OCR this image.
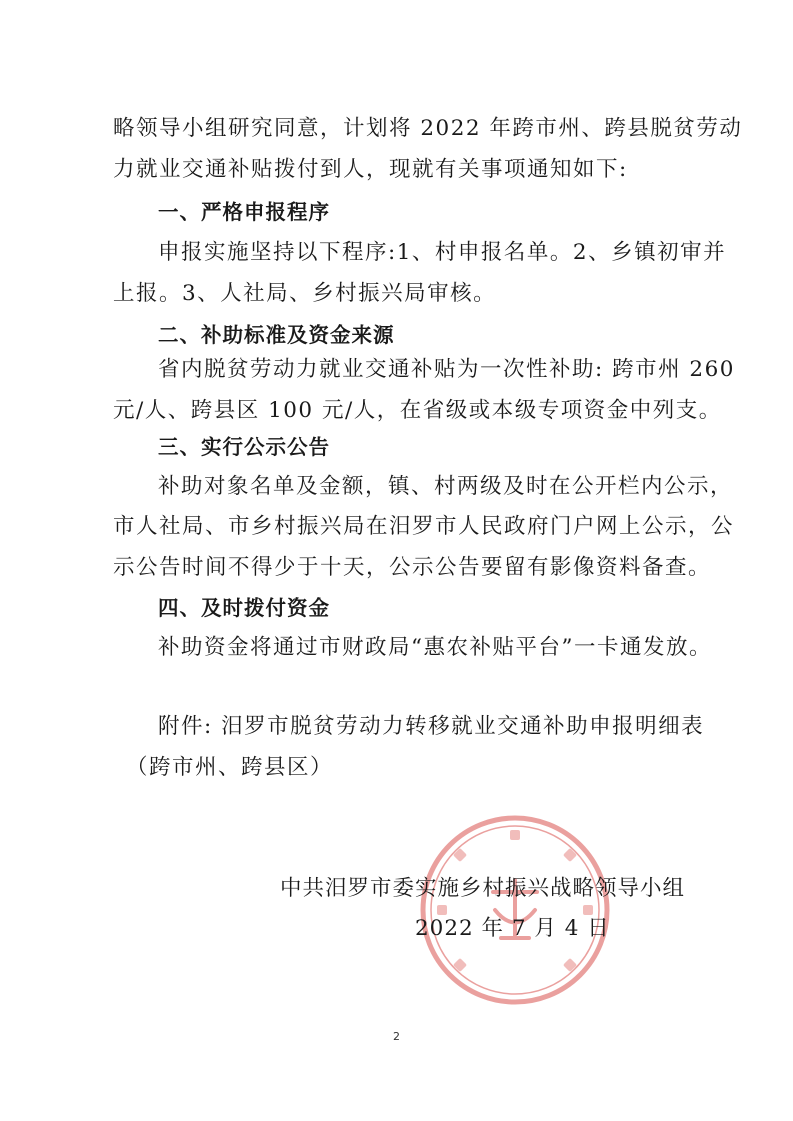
略领导小组研究同意，计划将 2022 年跨市州、跨县脱贫劳动
力就业交通补贴拨付到人，现就有关事项通知如下:
一、严格申报程序
申报实施坚持以下程序:1、村申报名单。2、乡镇初审并
上报。3、人社局、乡村振兴局审核。
二、补助标准及资金来源
省内脱贫劳动力就业交通补贴为一次性补助: 跨市州 260
元/人、跨县区 100 元/人，在省级或本级专项资金中列支。
三、实行公示公告
补助对象名单及金额，镇、村两级及时在公开栏内公示，
市人社局、市乡村振兴局在汨罗市人民政府门户网上公示，公
示公告时间不得少于十天，公示公告要留有影像资料备查。
四、及时拨付资金
补助资金将通过市财政局“惠农补贴平台”一卡通发放。
附件: 汨罗市脱贫劳动力转移就业交通补助申报明细表
（跨市州、跨县区）
中共汨罗市委实施乡村振兴战略领导小组
2022 年 7 月 4 日
2
